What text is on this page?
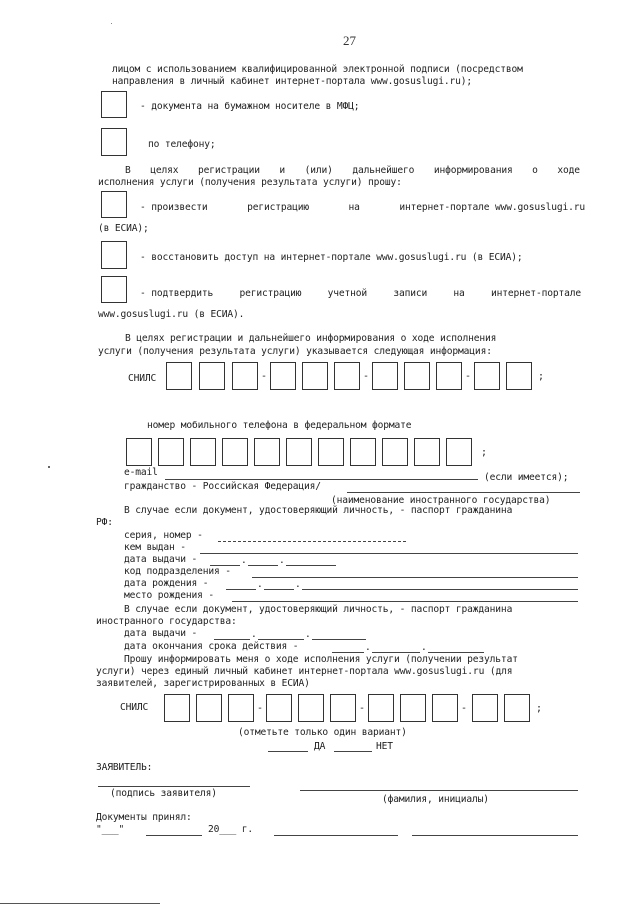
27
лицом с использованием квалифицированной электронной подписи (посредством
направления в личный кабинет интернет-портала www.gosuslugi.ru);
- документа на бумажном носителе в МФЦ;
по телефону;
В целях регистрации и (или) дальнейшего информирования о ходе
исполнения услуги (получения результата услуги) прошу:
- произвести	регистрацию	на	интернет-портале www.gosuslugi.ru
(в ЕСИА);
- восстановить доступ на интернет-портале www.gosuslugi.ru (в ЕСИА);
- подтвердить	регистрацию	учетной	записи	на	интернет-портале
www.gosuslugi.ru (в ЕСИА).
В целях регистрации и дальнейшего информирования о ходе исполнения
услуги (получения результата услуги) указывается следующая информация:
СНИЛС	-	-	-	;
номер мобильного телефона в федеральном формате
;
e-mail	(если имеется);
гражданство - Российская Федерация/
(наименование иностранного государства)
В случае если документ, удостоверяющий личность, - паспорт гражданина
РФ:
серия, номер -
кем выдан -
дата выдачи -	.	.
код подразделения -
дата рождения -	.	.
место рождения -
В случае если документ, удостоверяющий личность, - паспорт гражданина
иностранного государства:
дата выдачи -	.	.
дата окончания срока действия -	.	.
Прошу информировать меня о ходе исполнения услуги (получении результат
услуги) через единый личный кабинет интернет-портала www.gosuslugi.ru (для
заявителей, зарегистрированных в ЕСИА)
СНИЛС	-	-	-	;
(отметьте только один вариант)
ДА	НЕТ
ЗАЯВИТЕЛЬ:
(подпись заявителя)
(фамилия, инициалы)
Документы принял:
"___"	20___ г.
